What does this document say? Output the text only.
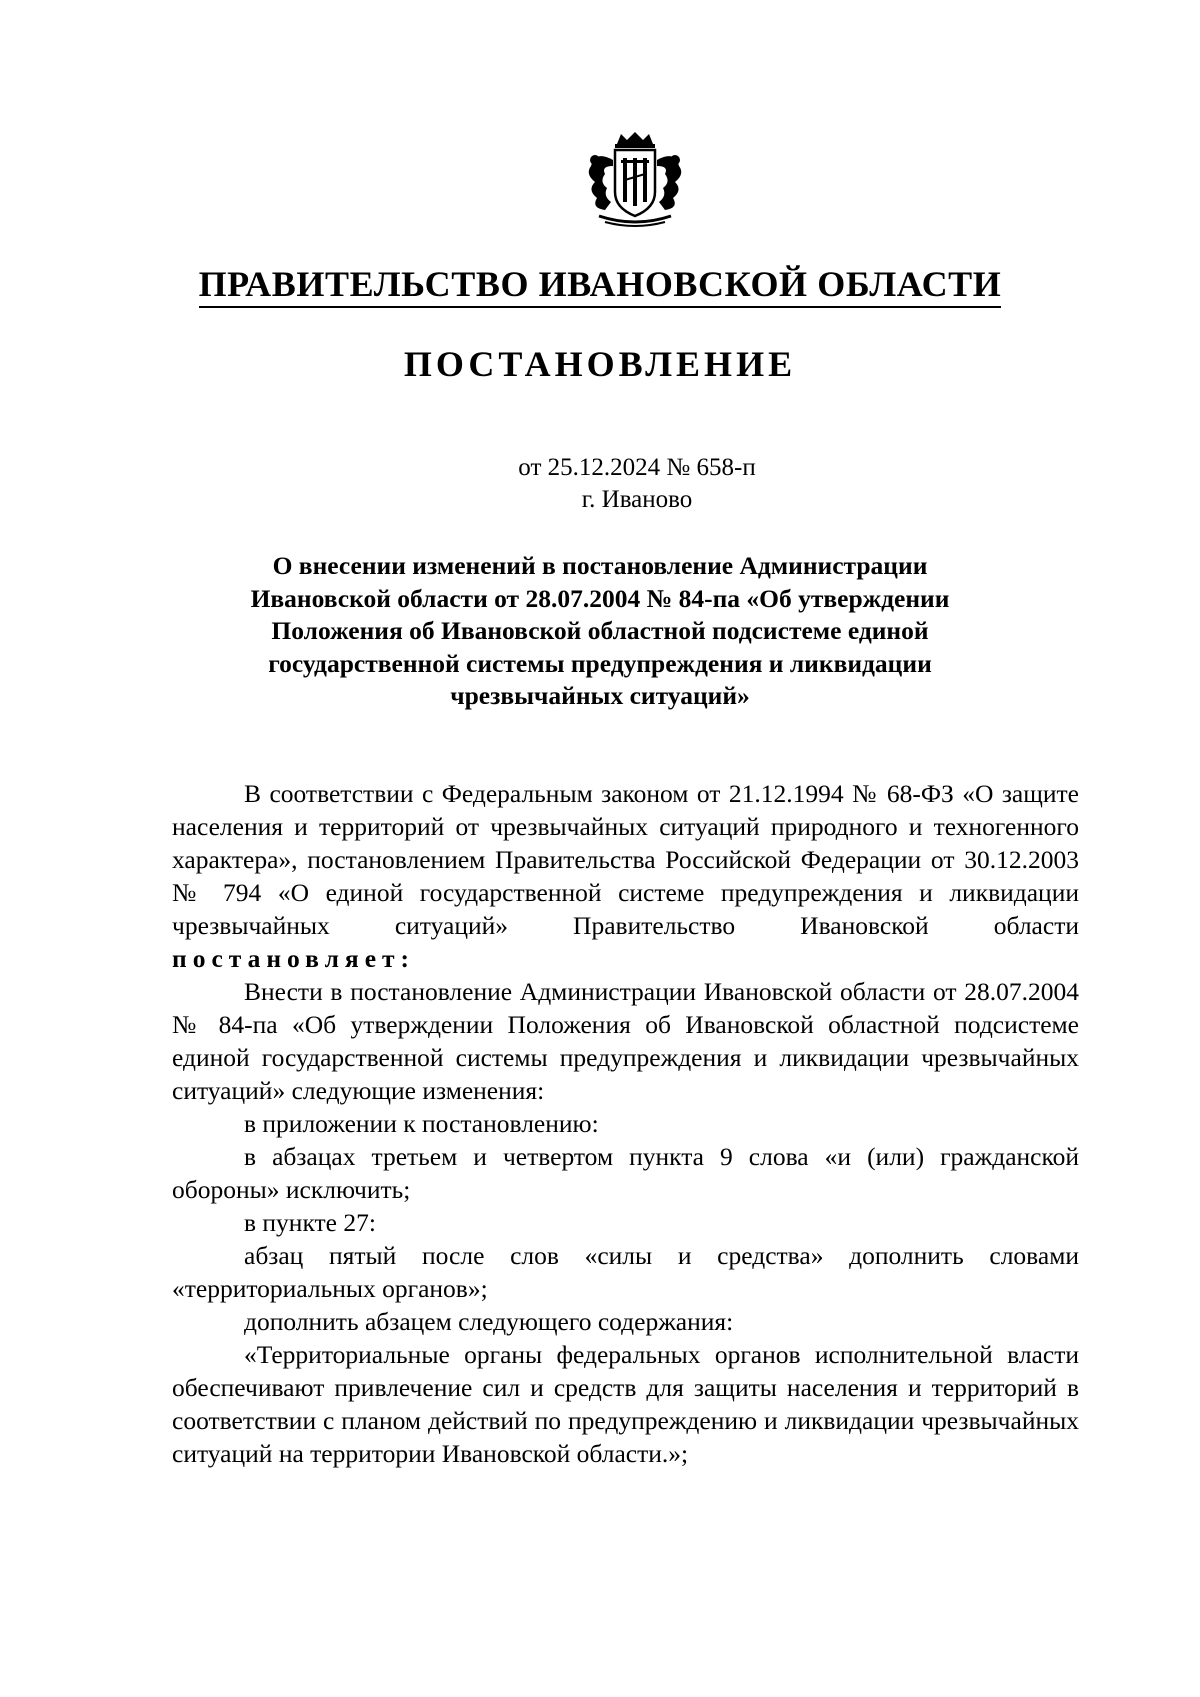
ПРАВИТЕЛЬСТВО ИВАНОВСКОЙ ОБЛАСТИ
ПОСТАНОВЛЕНИЕ
от 25.12.2024 № 658-п
г. Иваново
О внесении изменений в постановление Администрации
Ивановской области от 28.07.2004 № 84-па «Об утверждении
Положения об Ивановской областной подсистеме единой
государственной системы предупреждения и ликвидации
чрезвычайных ситуаций»

В соответствии с Федеральным законом от 21.12.1994 № 68-ФЗ «О защите населения и территорий от чрезвычайных ситуаций природного и техногенного характера», постановлением Правительства Российской Федерации от 30.12.2003 № 794 «О единой государственной системе предупреждения и ликвидации чрезвычайных ситуаций» Правительство Ивановской области постановляет:

Внести в постановление Администрации Ивановской области от 28.07.2004 № 84-па «Об утверждении Положения об Ивановской областной подсистеме единой государственной системы предупреждения и ликвидации чрезвычайных ситуаций» следующие изменения:

в приложении к постановлению:

в абзацах третьем и четвертом пункта 9 слова «и (или) гражданской обороны» исключить;

в пункте 27:

абзац пятый после слов «силы и средства» дополнить словами «территориальных органов»;

дополнить абзацем следующего содержания:

«Территориальные органы федеральных органов исполнительной власти обеспечивают привлечение сил и средств для защиты населения и территорий в соответствии с планом действий по предупреждению и ликвидации чрезвычайных ситуаций на территории Ивановской области.»;
